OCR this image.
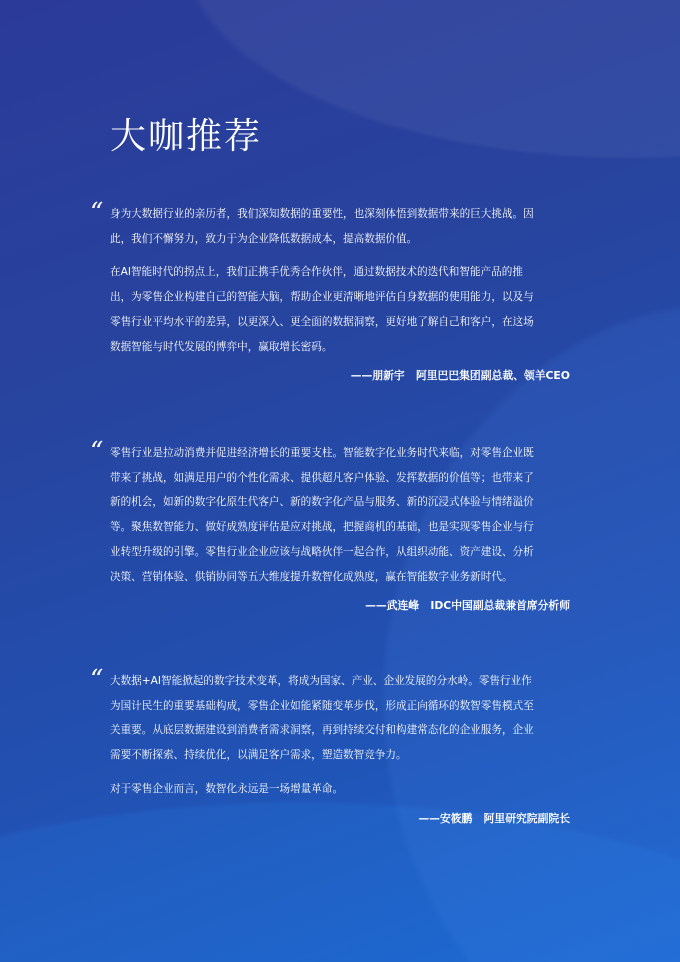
大咖推荐
“ 身为大数据行业的亲历者，我们深知数据的重要性，也深刻体悟到数据带来的巨大挑战。因
此，我们不懈努力，致力于为企业降低数据成本，提高数据价值。
在AI智能时代的拐点上，我们正携手优秀合作伙伴，通过数据技术的迭代和智能产品的推
出，为零售企业构建自己的智能大脑，帮助企业更清晰地评估自身数据的使用能力，以及与
零售行业平均水平的差异，以更深入、更全面的数据洞察，更好地了解自己和客户，在这场
数据智能与时代发展的博弈中，赢取增长密码。
——朋新宇   阿里巴巴集团副总裁、领羊CEO
“ 零售行业是拉动消费并促进经济增长的重要支柱。智能数字化业务时代来临，对零售企业既
带来了挑战，如满足用户的个性化需求、提供超凡客户体验、发挥数据的价值等；也带来了
新的机会，如新的数字化原生代客户、新的数字化产品与服务、新的沉浸式体验与情绪溢价
等。聚焦数智能力、做好成熟度评估是应对挑战，把握商机的基础，也是实现零售企业与行
业转型升级的引擎。零售行业企业应该与战略伙伴一起合作，从组织动能、资产建设、分析
决策、营销体验、供销协同等五大维度提升数智化成熟度，赢在智能数字业务新时代。
——武连峰   IDC中国副总裁兼首席分析师
“ 大数据+AI智能掀起的数字技术变革，将成为国家、产业、企业发展的分水岭。零售行业作
为国计民生的重要基础构成，零售企业如能紧随变革步伐，形成正向循环的数智零售模式至
关重要。从底层数据建设到消费者需求洞察，再到持续交付和构建常态化的企业服务，企业
需要不断探索、持续优化，以满足客户需求，塑造数智竞争力。
对于零售企业而言，数智化永远是一场增量革命。
——安筱鹏   阿里研究院副院长
